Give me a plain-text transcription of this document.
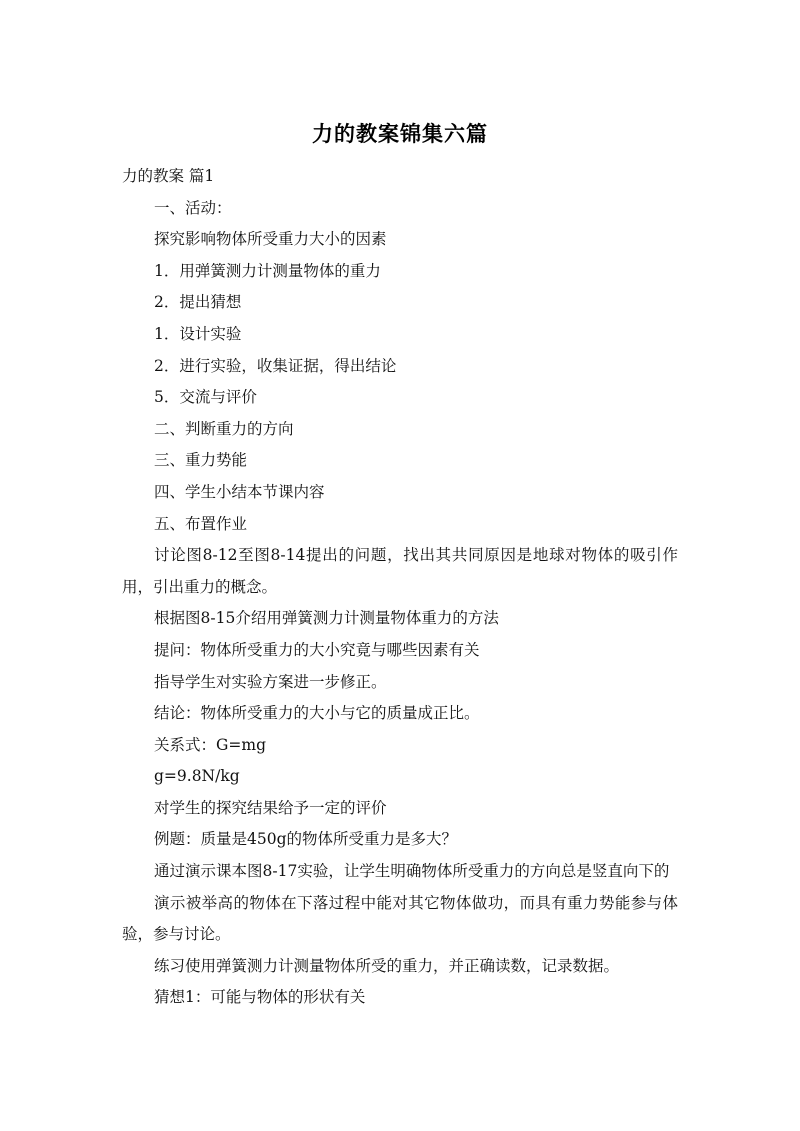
力的教案锦集六篇

力的教案 篇1

一、活动：

探究影响物体所受重力大小的因素

1．用弹簧测力计测量物体的重力

2．提出猜想

1．设计实验

2．进行实验，收集证据，得出结论

5．交流与评价

二、判断重力的方向

三、重力势能

四、学生小结本节课内容

五、布置作业

讨论图8-12至图8-14提出的问题，找出其共同原因是地球对物体的吸引作用，引出重力的概念。

根据图8-15介绍用弹簧测力计测量物体重力的方法

提问：物体所受重力的大小究竟与哪些因素有关

指导学生对实验方案进一步修正。

结论：物体所受重力的大小与它的质量成正比。

关系式：G=mg

g=9.8N/kg

对学生的探究结果给予一定的评价

例题：质量是450g的物体所受重力是多大？

通过演示课本图8-17实验，让学生明确物体所受重力的方向总是竖直向下的

演示被举高的物体在下落过程中能对其它物体做功，而具有重力势能参与体验，参与讨论。

练习使用弹簧测力计测量物体所受的重力，并正确读数，记录数据。

猜想1：可能与物体的形状有关
